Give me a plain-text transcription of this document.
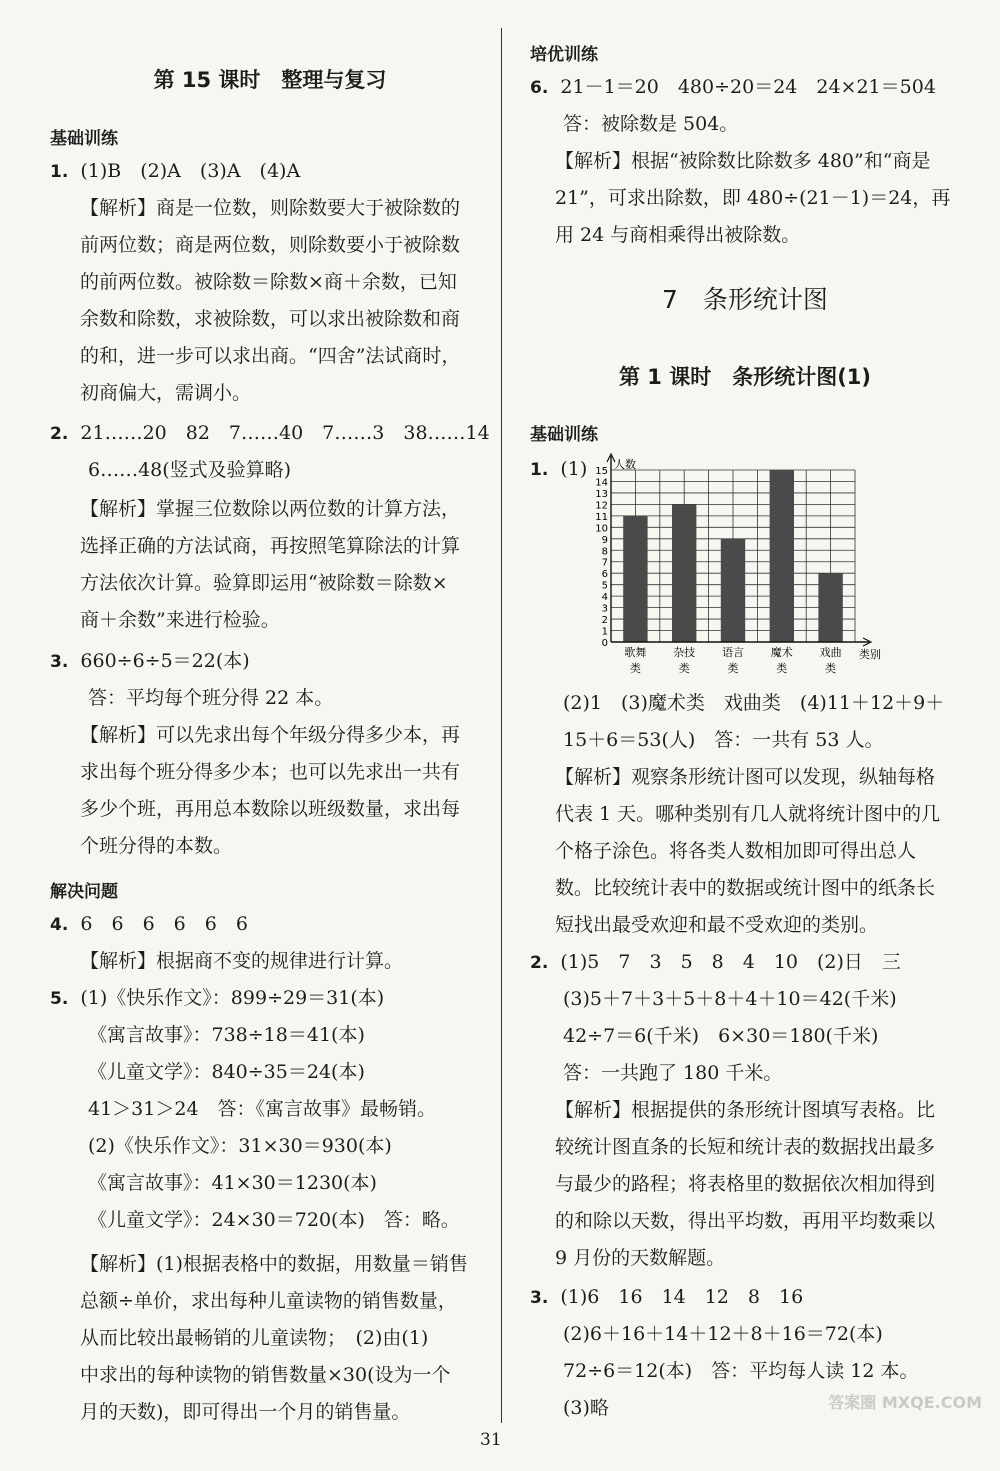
第 15 课时　整理与复习
基础训练
1. (1)B　(2)A　(3)A　(4)A
【解析】商是一位数，则除数要大于被除数的
前两位数；商是两位数，则除数要小于被除数
的前两位数。被除数＝除数×商＋余数，已知
余数和除数，求被除数，可以求出被除数和商
的和，进一步可以求出商。“四舍”法试商时，
初商偏大，需调小。
2. 21……20　82　7……40　7……3　38……14
6……48(竖式及验算略)
【解析】掌握三位数除以两位数的计算方法，
选择正确的方法试商，再按照笔算除法的计算
方法依次计算。验算即运用“被除数＝除数×
商＋余数”来进行检验。
3. 660÷6÷5＝22(本)
答：平均每个班分得 22 本。
【解析】可以先求出每个年级分得多少本，再
求出每个班分得多少本；也可以先求出一共有
多少个班，再用总本数除以班级数量，求出每
个班分得的本数。
解决问题
4. 6　6　6　6　6　6
【解析】根据商不变的规律进行计算。
5. (1)《快乐作文》：899÷29＝31(本)
《寓言故事》：738÷18＝41(本)
《儿童文学》：840÷35＝24(本)
41＞31＞24　答：《寓言故事》最畅销。
(2)《快乐作文》：31×30＝930(本)
《寓言故事》：41×30＝1230(本)
《儿童文学》：24×30＝720(本)　答：略。
【解析】(1)根据表格中的数据，用数量＝销售
总额÷单价，求出每种儿童读物的销售数量，
从而比较出最畅销的儿童读物；　(2)由(1)
中求出的每种读物的销售数量×30(设为一个
月的天数)，即可得出一个月的销售量。
培优训练
6. 21－1＝20　480÷20＝24　24×21＝504
答：被除数是 504。
【解析】根据“被除数比除数多 480”和“商是
21”，可求出除数，即 480÷(21－1)＝24，再
用 24 与商相乘得出被除数。
7　条形统计图
第 1 课时　条形统计图(1)
基础训练
1. (1)
0
1
2
3
4
5
6
7
8
9
10
11
12
13
14
15
人数
歌舞
类
杂技
类
语言
类
魔术
类
戏曲
类
类别
(2)1　(3)魔术类　戏曲类　(4)11＋12＋9＋
15＋6＝53(人)　答：一共有 53 人。
【解析】观察条形统计图可以发现，纵轴每格
代表 1 天。哪种类别有几人就将统计图中的几
个格子涂色。将各类人数相加即可得出总人
数。比较统计表中的数据或统计图中的纸条长
短找出最受欢迎和最不受欢迎的类别。
2. (1)5　7　3　5　8　4　10　(2)日　三
(3)5＋7＋3＋5＋8＋4＋10＝42(千米)
42÷7＝6(千米)　6×30＝180(千米)
答：一共跑了 180 千米。
【解析】根据提供的条形统计图填写表格。比
较统计图直条的长短和统计表的数据找出最多
与最少的路程；将表格里的数据依次相加得到
的和除以天数，得出平均数，再用平均数乘以
9 月份的天数解题。
3. (1)6　16　14　12　8　16
(2)6＋16＋14＋12＋8＋16＝72(本)
72÷6＝12(本)　答：平均每人读 12 本。
(3)略
31
答案圈 MXQE.COM
